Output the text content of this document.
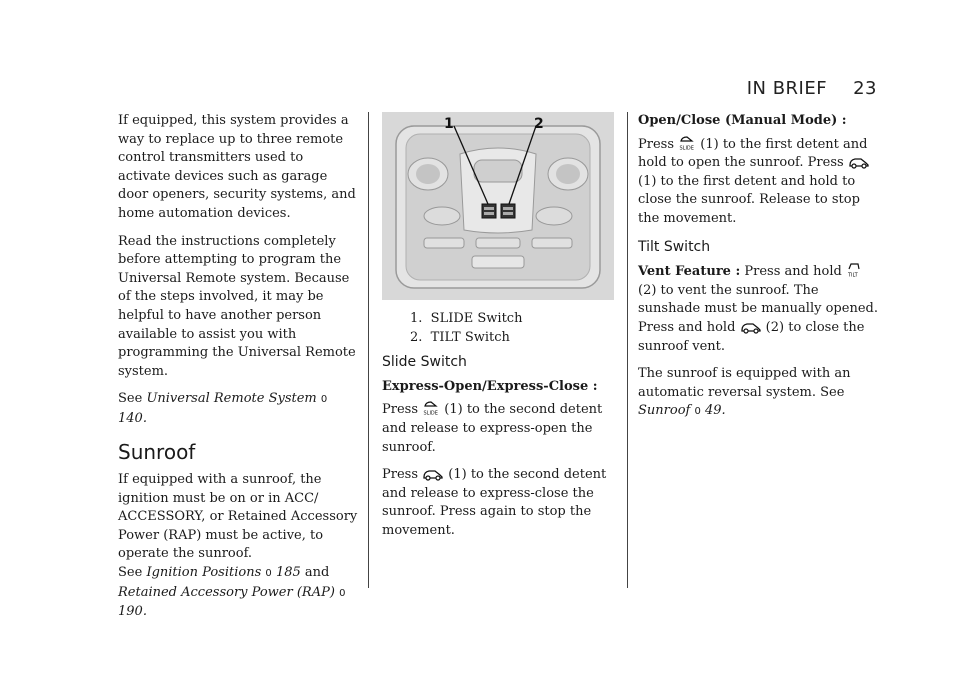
IN BRIEF 23

If equipped, this system provides a way to replace up to three remote control transmitters used to activate devices such as garage door openers, security systems, and home automation devices.

Read the instructions completely before attempting to program the Universal Remote system. Because of the steps involved, it may be helpful to have another person available to assist you with programming the Universal Remote system.

See Universal Remote System 0 140.

Sunroof

If equipped with a sunroof, the ignition must be on or in ACC/ ACCESSORY, or Retained Accessory Power (RAP) must be active, to operate the sunroof.

See Ignition Positions 0 185 and Retained Accessory Power (RAP) 0 190.

1	2
1. SLIDE Switch
2. TILT Switch
Slide Switch

Express-Open/Express-Close :

Press SLIDE (1) to the second detent and release to express-open the sunroof.

Press (1) to the second detent and release to express-close the sunroof. Press again to stop the movement.

Open/Close (Manual Mode) :

Press SLIDE (1) to the first detent and hold to open the sunroof. Press
(1) to the first detent and hold to close the sunroof. Release to stop the movement.

Tilt Switch

Vent Feature : Press and hold TILT
(2) to vent the sunroof. The sunshade must be manually opened. Press and hold (2) to close the sunroof vent.

The sunroof is equipped with an automatic reversal system. See Sunroof 0 49.
